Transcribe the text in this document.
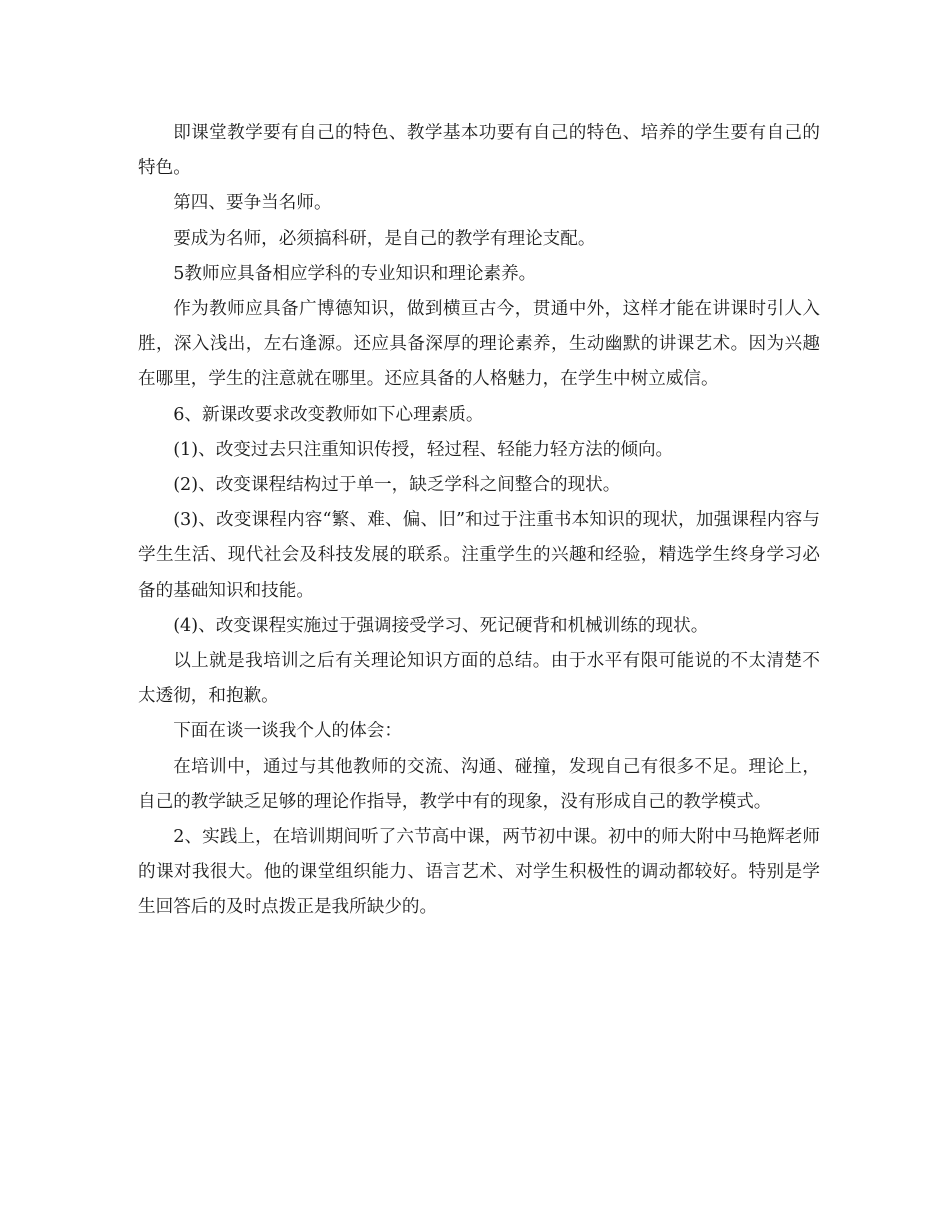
即课堂教学要有自己的特色、教学基本功要有自己的特色、培养的学生要有自己的特色。

第四、要争当名师。

要成为名师，必须搞科研，是自己的教学有理论支配。

5教师应具备相应学科的专业知识和理论素养。

作为教师应具备广博德知识，做到横亘古今，贯通中外，这样才能在讲课时引人入胜，深入浅出，左右逢源。还应具备深厚的理论素养，生动幽默的讲课艺术。因为兴趣在哪里，学生的注意就在哪里。还应具备的人格魅力，在学生中树立威信。

6、新课改要求改变教师如下心理素质。

(1)、改变过去只注重知识传授，轻过程、轻能力轻方法的倾向。

(2)、改变课程结构过于单一，缺乏学科之间整合的现状。

(3)、改变课程内容“繁、难、偏、旧”和过于注重书本知识的现状，加强课程内容与学生生活、现代社会及科技发展的联系。注重学生的兴趣和经验，精选学生终身学习必备的基础知识和技能。

(4)、改变课程实施过于强调接受学习、死记硬背和机械训练的现状。

以上就是我培训之后有关理论知识方面的总结。由于水平有限可能说的不太清楚不太透彻，和抱歉。

下面在谈一谈我个人的体会：

在培训中，通过与其他教师的交流、沟通、碰撞，发现自己有很多不足。理论上，自己的教学缺乏足够的理论作指导，教学中有的现象，没有形成自己的教学模式。

2、实践上，在培训期间听了六节高中课，两节初中课。初中的师大附中马艳辉老师的课对我很大。他的课堂组织能力、语言艺术、对学生积极性的调动都较好。特别是学生回答后的及时点拨正是我所缺少的。
